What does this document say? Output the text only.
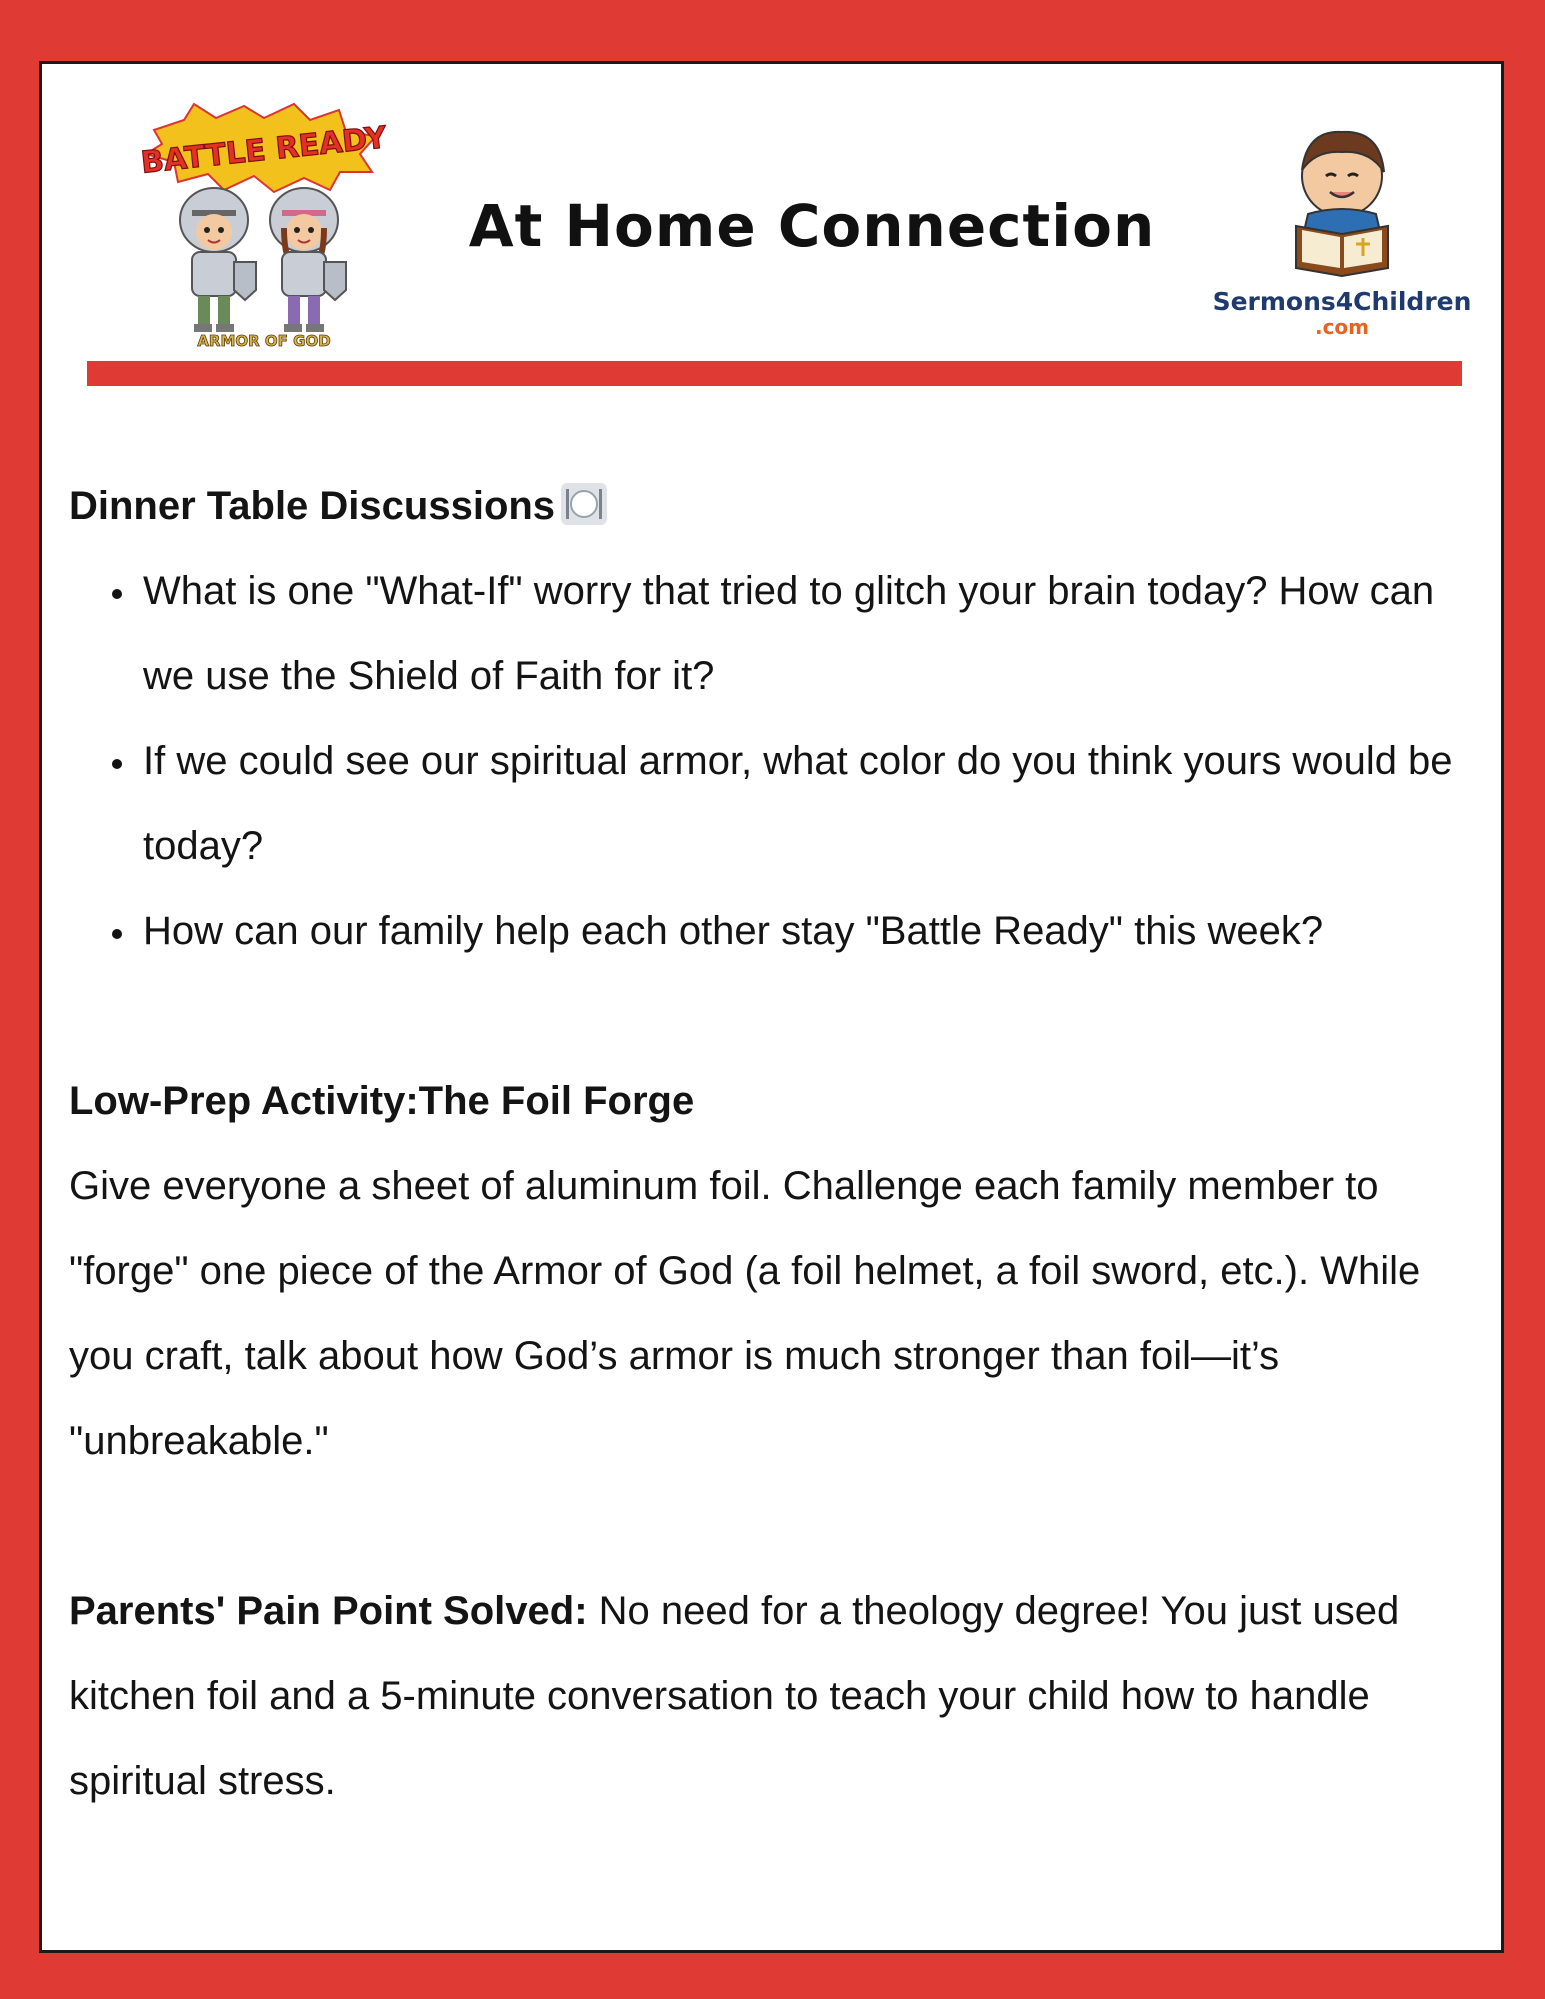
BATTLE READY
ARMOR OF GOD
At Home Connection
Sermons4Children
.com

Dinner Table Discussions

• What is one "What-If" worry that tried to glitch your brain today? How can we use the Shield of Faith for it?
• If we could see our spiritual armor, what color do you think yours would be today?
• How can our family help each other stay "Battle Ready" this week?

Low-Prep Activity:The Foil Forge

Give everyone a sheet of aluminum foil. Challenge each family member to "forge" one piece of the Armor of God (a foil helmet, a foil sword, etc.). While you craft, talk about how God’s armor is much stronger than foil—it’s "unbreakable."

Parents' Pain Point Solved: No need for a theology degree! You just used kitchen foil and a 5-minute conversation to teach your child how to handle spiritual stress.
